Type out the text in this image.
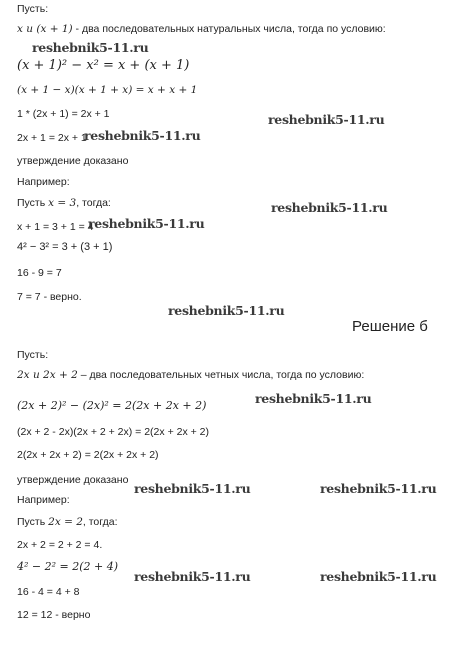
Пусть:
x и (x + 1) - два последовательных натуральных числа, тогда по условию:
(x + 1)² − x² = x + (x + 1)
(x + 1 − x)(x + 1 + x) = x + x + 1
1 * (2x + 1) = 2x + 1
2x + 1 = 2x + 1
утверждение доказано
Например:
Пусть x = 3, тогда:
x + 1 = 3 + 1 = 4
4² − 3² = 3 + (3 + 1)
16 - 9 = 7
7 = 7 - верно.
Решение б
Пусть:
2x и 2x + 2 – два последовательных четных числа, тогда по условию:
(2x + 2)² − (2x)² = 2(2x + 2x + 2)
(2x + 2 - 2x)(2x + 2 + 2x) = 2(2x + 2x + 2)
2(2x + 2x + 2) = 2(2x + 2x + 2)
утверждение доказано
Например:
Пусть 2x = 2, тогда:
2x + 2 = 2 + 2 = 4.
4² − 2² = 2(2 + 4)
16 - 4 = 4 + 8
12 = 12 - верно
reshebnik5-11.ru
reshebnik5-11.ru
reshebnik5-11.ru
reshebnik5-11.ru
reshebnik5-11.ru
reshebnik5-11.ru
reshebnik5-11.ru
reshebnik5-11.ru	reshebnik5-11.ru
reshebnik5-11.ru	reshebnik5-11.ru
